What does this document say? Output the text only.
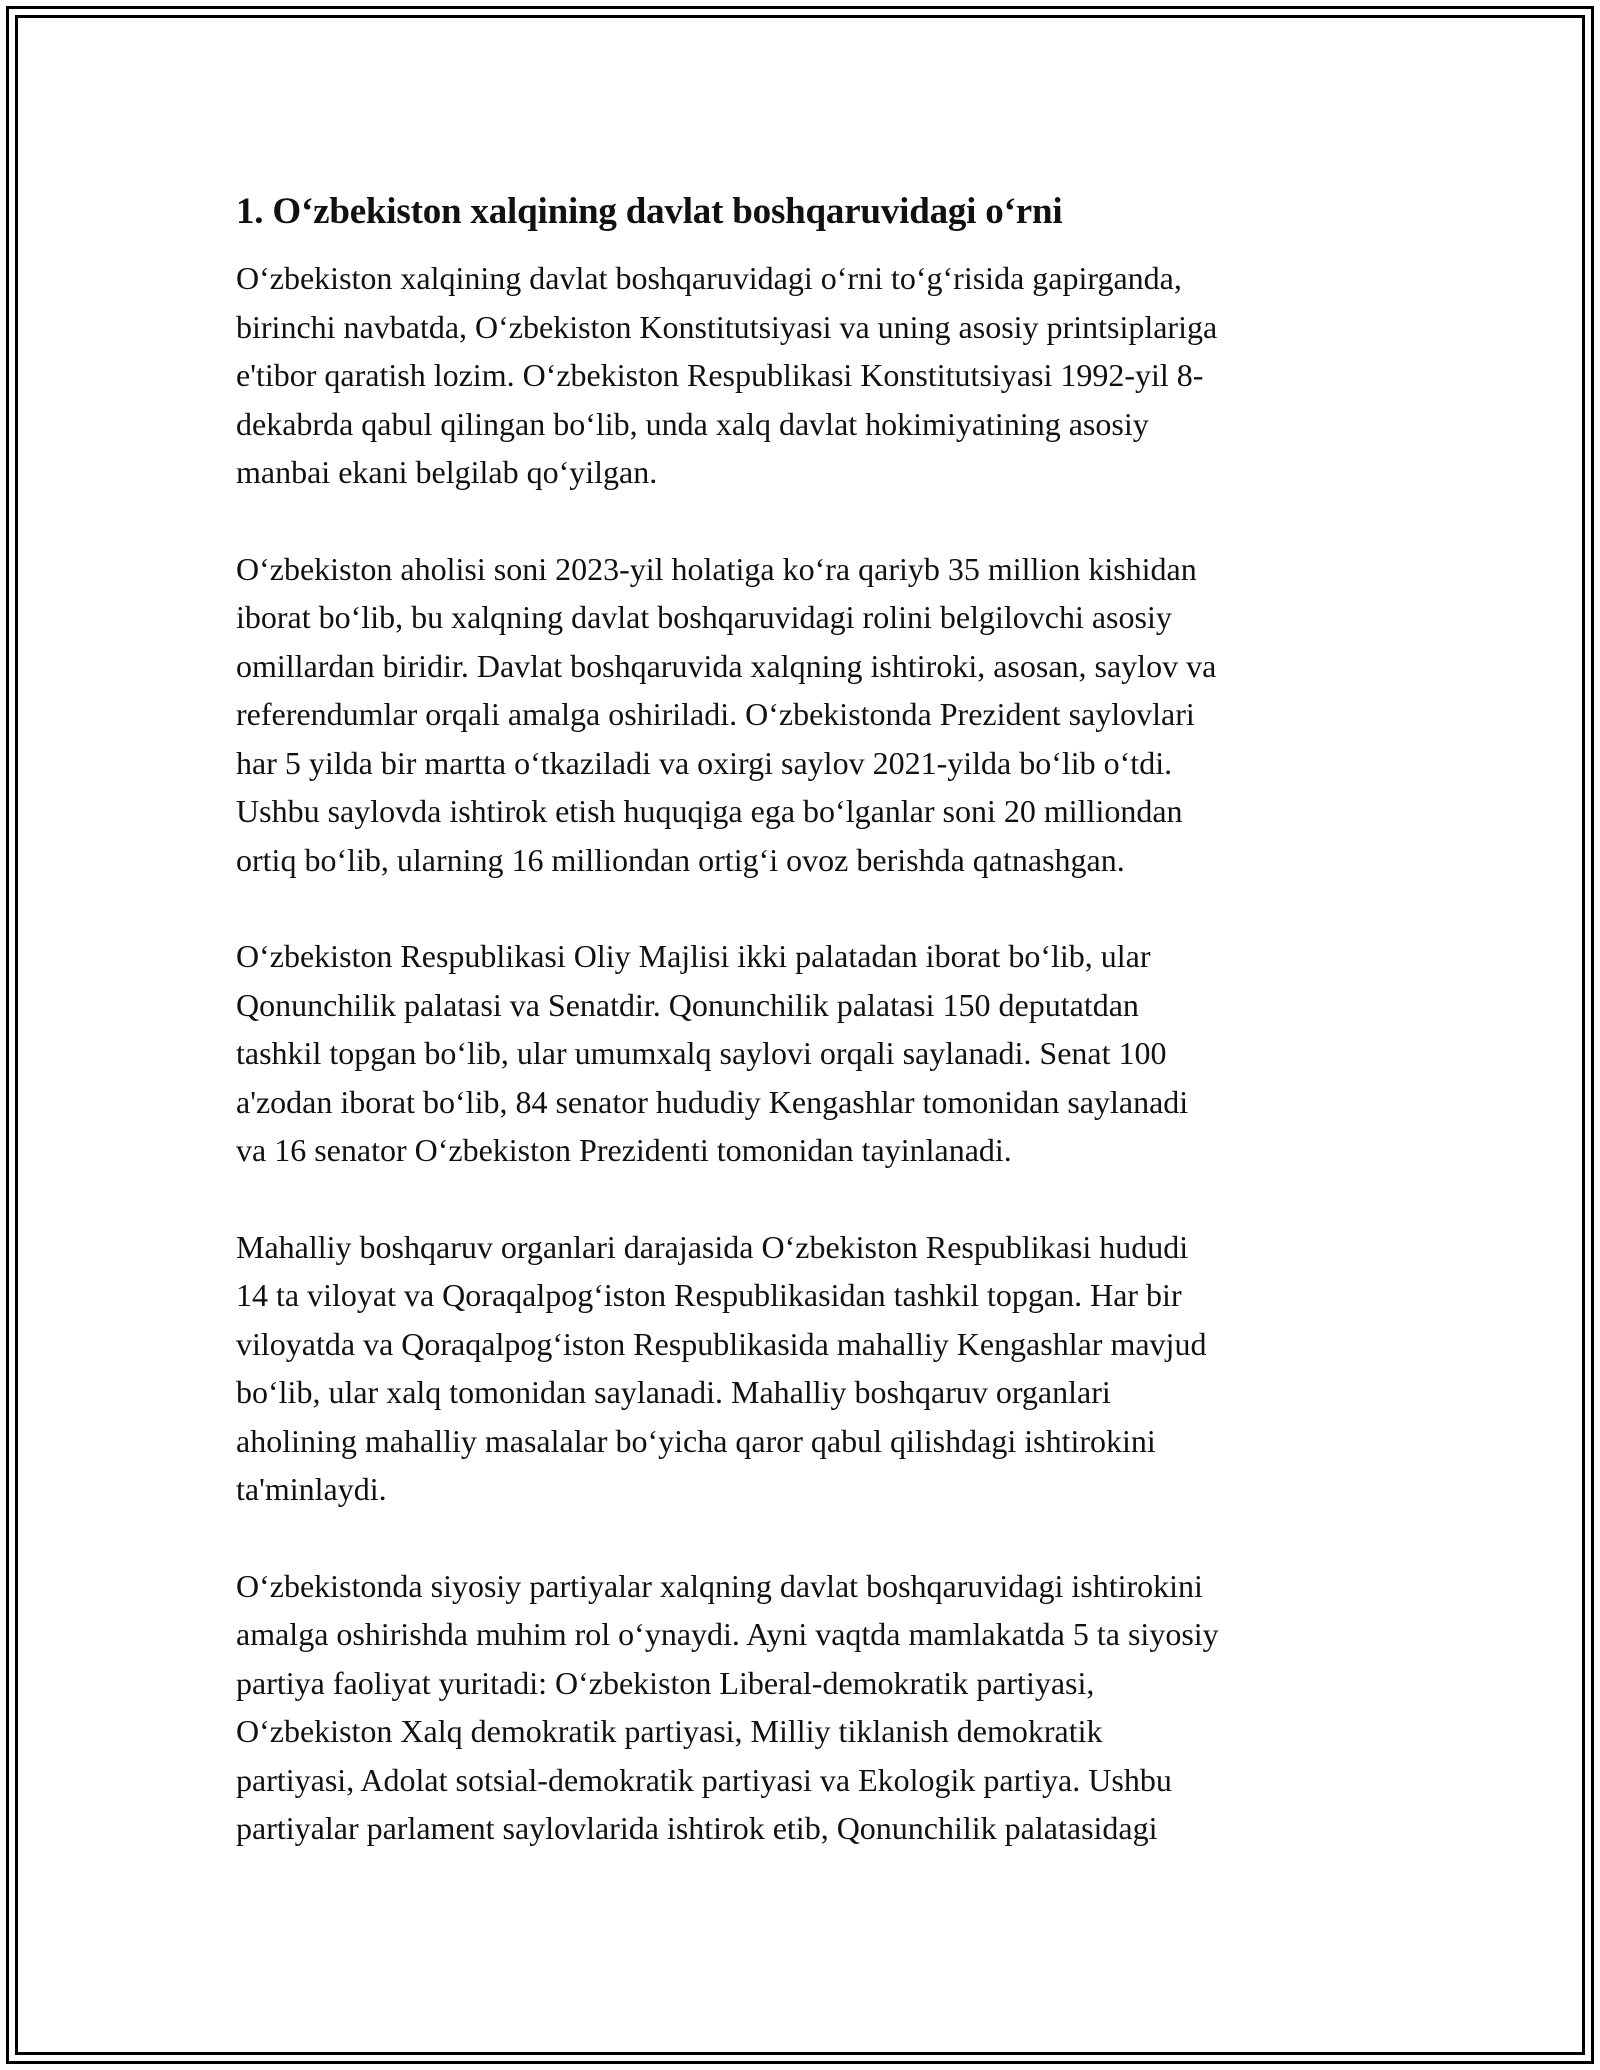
1. O‘zbekiston xalqining davlat boshqaruvidagi o‘rni

O‘zbekiston xalqining davlat boshqaruvidagi o‘rni to‘g‘risida gapirganda,
birinchi navbatda, O‘zbekiston Konstitutsiyasi va uning asosiy printsiplariga
e'tibor qaratish lozim. O‘zbekiston Respublikasi Konstitutsiyasi 1992-yil 8-
dekabrda qabul qilingan bo‘lib, unda xalq davlat hokimiyatining asosiy
manbai ekani belgilab qo‘yilgan.

O‘zbekiston aholisi soni 2023-yil holatiga ko‘ra qariyb 35 million kishidan
iborat bo‘lib, bu xalqning davlat boshqaruvidagi rolini belgilovchi asosiy
omillardan biridir. Davlat boshqaruvida xalqning ishtiroki, asosan, saylov va
referendumlar orqali amalga oshiriladi. O‘zbekistonda Prezident saylovlari
har 5 yilda bir martta o‘tkaziladi va oxirgi saylov 2021-yilda bo‘lib o‘tdi.
Ushbu saylovda ishtirok etish huquqiga ega bo‘lganlar soni 20 milliondan
ortiq bo‘lib, ularning 16 milliondan ortig‘i ovoz berishda qatnashgan.

O‘zbekiston Respublikasi Oliy Majlisi ikki palatadan iborat bo‘lib, ular
Qonunchilik palatasi va Senatdir. Qonunchilik palatasi 150 deputatdan
tashkil topgan bo‘lib, ular umumxalq saylovi orqali saylanadi. Senat 100
a'zodan iborat bo‘lib, 84 senator hududiy Kengashlar tomonidan saylanadi
va 16 senator O‘zbekiston Prezidenti tomonidan tayinlanadi.

Mahalliy boshqaruv organlari darajasida O‘zbekiston Respublikasi hududi
14 ta viloyat va Qoraqalpog‘iston Respublikasidan tashkil topgan. Har bir
viloyatda va Qoraqalpog‘iston Respublikasida mahalliy Kengashlar mavjud
bo‘lib, ular xalq tomonidan saylanadi. Mahalliy boshqaruv organlari
aholining mahalliy masalalar bo‘yicha qaror qabul qilishdagi ishtirokini
ta'minlaydi.

O‘zbekistonda siyosiy partiyalar xalqning davlat boshqaruvidagi ishtirokini
amalga oshirishda muhim rol o‘ynaydi. Ayni vaqtda mamlakatda 5 ta siyosiy
partiya faoliyat yuritadi: O‘zbekiston Liberal-demokratik partiyasi,
O‘zbekiston Xalq demokratik partiyasi, Milliy tiklanish demokratik
partiyasi, Adolat sotsial-demokratik partiyasi va Ekologik partiya. Ushbu
partiyalar parlament saylovlarida ishtirok etib, Qonunchilik palatasidagi
